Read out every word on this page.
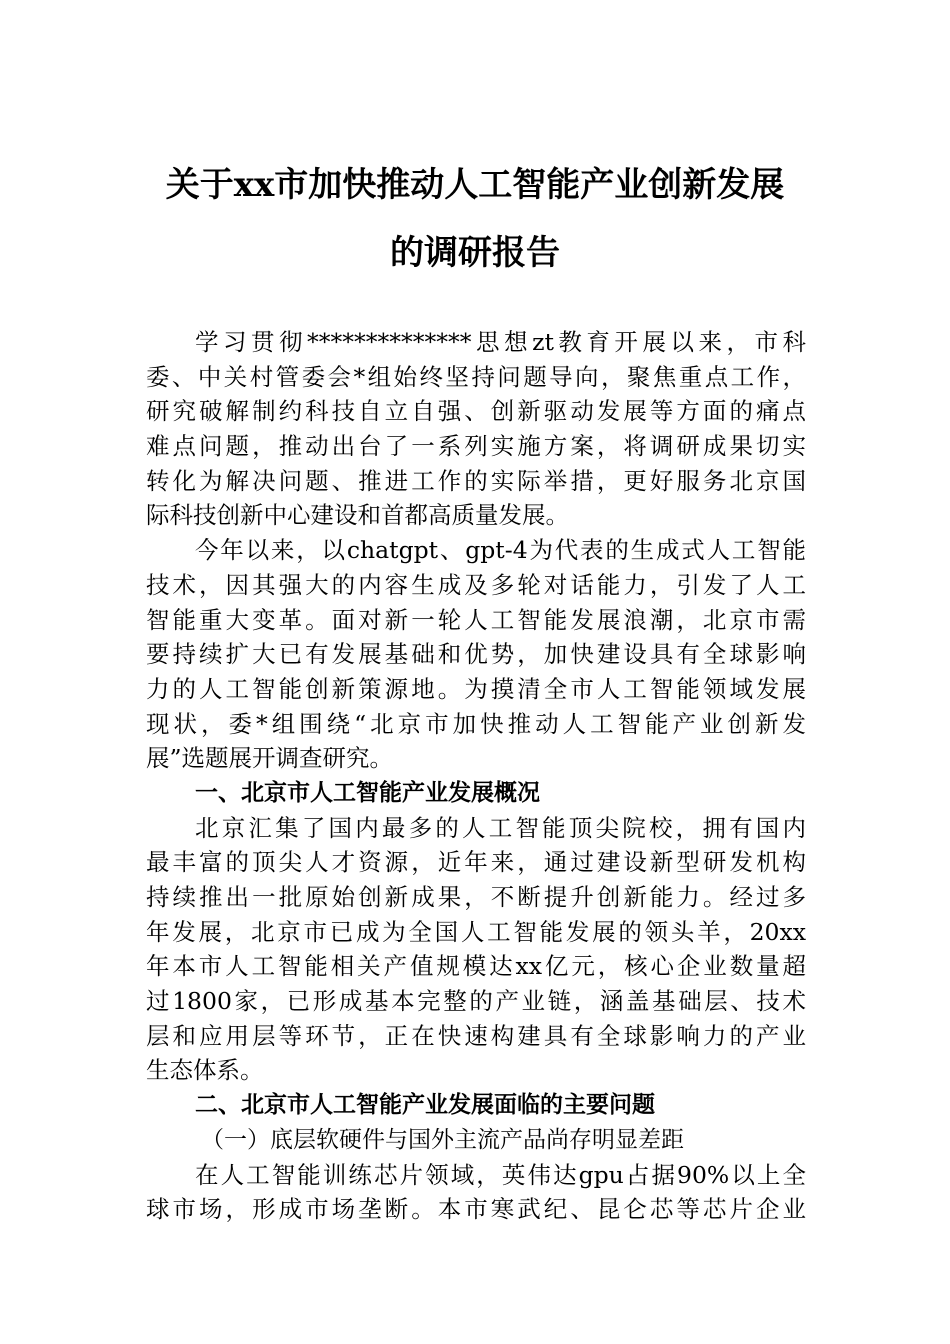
关于xx市加快推动人工智能产业创新发展
的调研报告
学习贯彻**************思想zt教育开展以来，市科
委、中关村管委会*组始终坚持问题导向，聚焦重点工作，
研究破解制约科技自立自强、创新驱动发展等方面的痛点
难点问题，推动出台了一系列实施方案，将调研成果切实
转化为解决问题、推进工作的实际举措，更好服务北京国
际科技创新中心建设和首都高质量发展。
今年以来，以chatgpt、gpt-4为代表的生成式人工智能
技术，因其强大的内容生成及多轮对话能力，引发了人工
智能重大变革。面对新一轮人工智能发展浪潮，北京市需
要持续扩大已有发展基础和优势，加快建设具有全球影响
力的人工智能创新策源地。为摸清全市人工智能领域发展
现状，委*组围绕“北京市加快推动人工智能产业创新发
展”选题展开调查研究。
一、北京市人工智能产业发展概况
北京汇集了国内最多的人工智能顶尖院校，拥有国内
最丰富的顶尖人才资源，近年来，通过建设新型研发机构
持续推出一批原始创新成果，不断提升创新能力。经过多
年发展，北京市已成为全国人工智能发展的领头羊，20xx
年本市人工智能相关产值规模达xx亿元，核心企业数量超
过1800家，已形成基本完整的产业链，涵盖基础层、技术
层和应用层等环节，正在快速构建具有全球影响力的产业
生态体系。
二、北京市人工智能产业发展面临的主要问题
（一）底层软硬件与国外主流产品尚存明显差距
在人工智能训练芯片领域，英伟达gpu占据90%以上全
球市场，形成市场垄断。本市寒武纪、昆仑芯等芯片企业
